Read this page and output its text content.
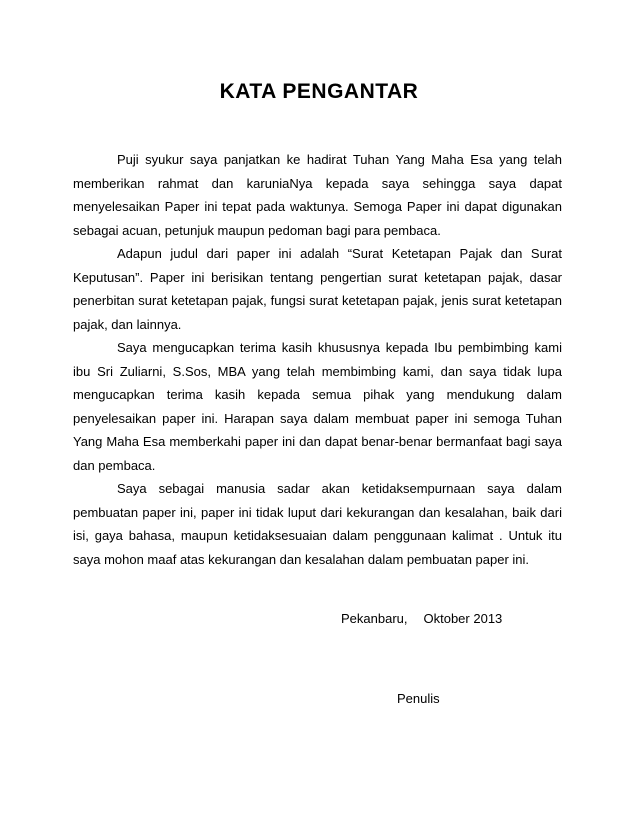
KATA PENGANTAR

Puji syukur saya panjatkan ke hadirat Tuhan Yang Maha Esa yang telah memberikan rahmat dan karuniaNya kepada saya sehingga saya dapat menyelesaikan Paper ini tepat pada waktunya. Semoga Paper ini dapat digunakan sebagai acuan, petunjuk maupun pedoman bagi para pembaca.

Adapun judul dari paper ini adalah “Surat Ketetapan Pajak dan Surat Keputusan”. Paper ini berisikan tentang pengertian surat ketetapan pajak, dasar penerbitan surat ketetapan pajak, fungsi surat ketetapan pajak, jenis surat ketetapan pajak, dan lainnya.

Saya mengucapkan terima kasih khususnya kepada Ibu pembimbing kami ibu Sri Zuliarni, S.Sos, MBA yang telah membimbing kami, dan saya tidak lupa mengucapkan terima kasih kepada semua pihak yang mendukung dalam penyelesaikan paper ini. Harapan saya dalam membuat paper ini semoga Tuhan Yang Maha Esa memberkahi paper ini dan dapat benar-benar bermanfaat bagi saya dan pembaca.

Saya sebagai manusia sadar akan ketidaksempurnaan saya dalam pembuatan paper ini, paper ini tidak luput dari kekurangan dan kesalahan, baik dari isi, gaya bahasa, maupun ketidaksesuaian dalam penggunaan kalimat . Untuk itu saya mohon maaf atas kekurangan dan kesalahan dalam pembuatan paper ini.

Pekanbaru, Oktober 2013
Penulis
